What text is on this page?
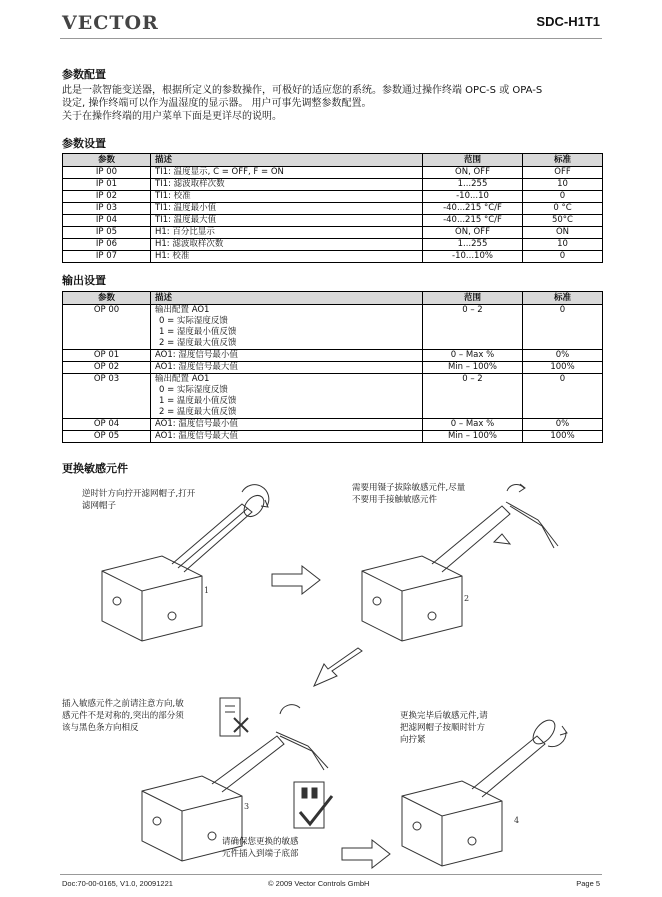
VECTOR	SDC-H1T1
参数配置
此是一款智能变送器，根据所定义的参数操作，可极好的适应您的系统。参数通过操作终端 OPC-S 或 OPA-S
设定, 操作终端可以作为温湿度的显示器。 用户可事先调整参数配置。
关于在操作终端的用户菜单下面是更详尽的说明。
参数设置
参数	描述	范围	标准
IP 00	TI1: 温度显示, C = OFF, F = ON	ON, OFF	OFF
IP 01	TI1: 滤波取样次数	1...255	10
IP 02	TI1: 校准	-10...10	0
IP 03	TI1: 温度最小值	-40...215 °C/F	0 °C
IP 04	TI1: 温度最大值	-40...215 °C/F	50°C
IP 05	H1: 百分比显示	ON, OFF	ON
IP 06	H1: 滤波取样次数	1...255	10
IP 07	H1: 校准	-10...10%	0
输出设置
参数	描述	范围	标准
OP 00	输出配置 AO1
0 = 实际湿度反馈
1 = 湿度最小值反馈
2 = 湿度最大值反馈	0 – 2	0
OP 01	AO1: 湿度信号最小值	0 – Max %	0%
OP 02	AO1: 湿度信号最大值	Min – 100%	100%
OP 03	输出配置 AO1
0 = 实际湿度反馈
1 = 温度最小值反馈
2 = 温度最大值反馈	0 – 2	0
OP 04	AO1: 温度信号最小值	0 – Max %	0%
OP 05	AO1: 温度信号最大值	Min – 100%	100%
更换敏感元件
逆时针方向拧开滤网帽子,打开
滤网帽子
需要用镊子拔除敏感元件,尽量
不要用手接触敏感元件
插入敏感元件之前请注意方向,敏
感元件不是对称的,突出的部分须
该与黑色条方向相反
请确保您更换的敏感
元件插入到端子底部
更换完毕后敏感元件,请
把滤网帽子按顺时针方
向拧紧
1
2
3
4
Doc:70-00-0165, V1.0, 20091221	© 2009 Vector Controls GmbH	Page 5
